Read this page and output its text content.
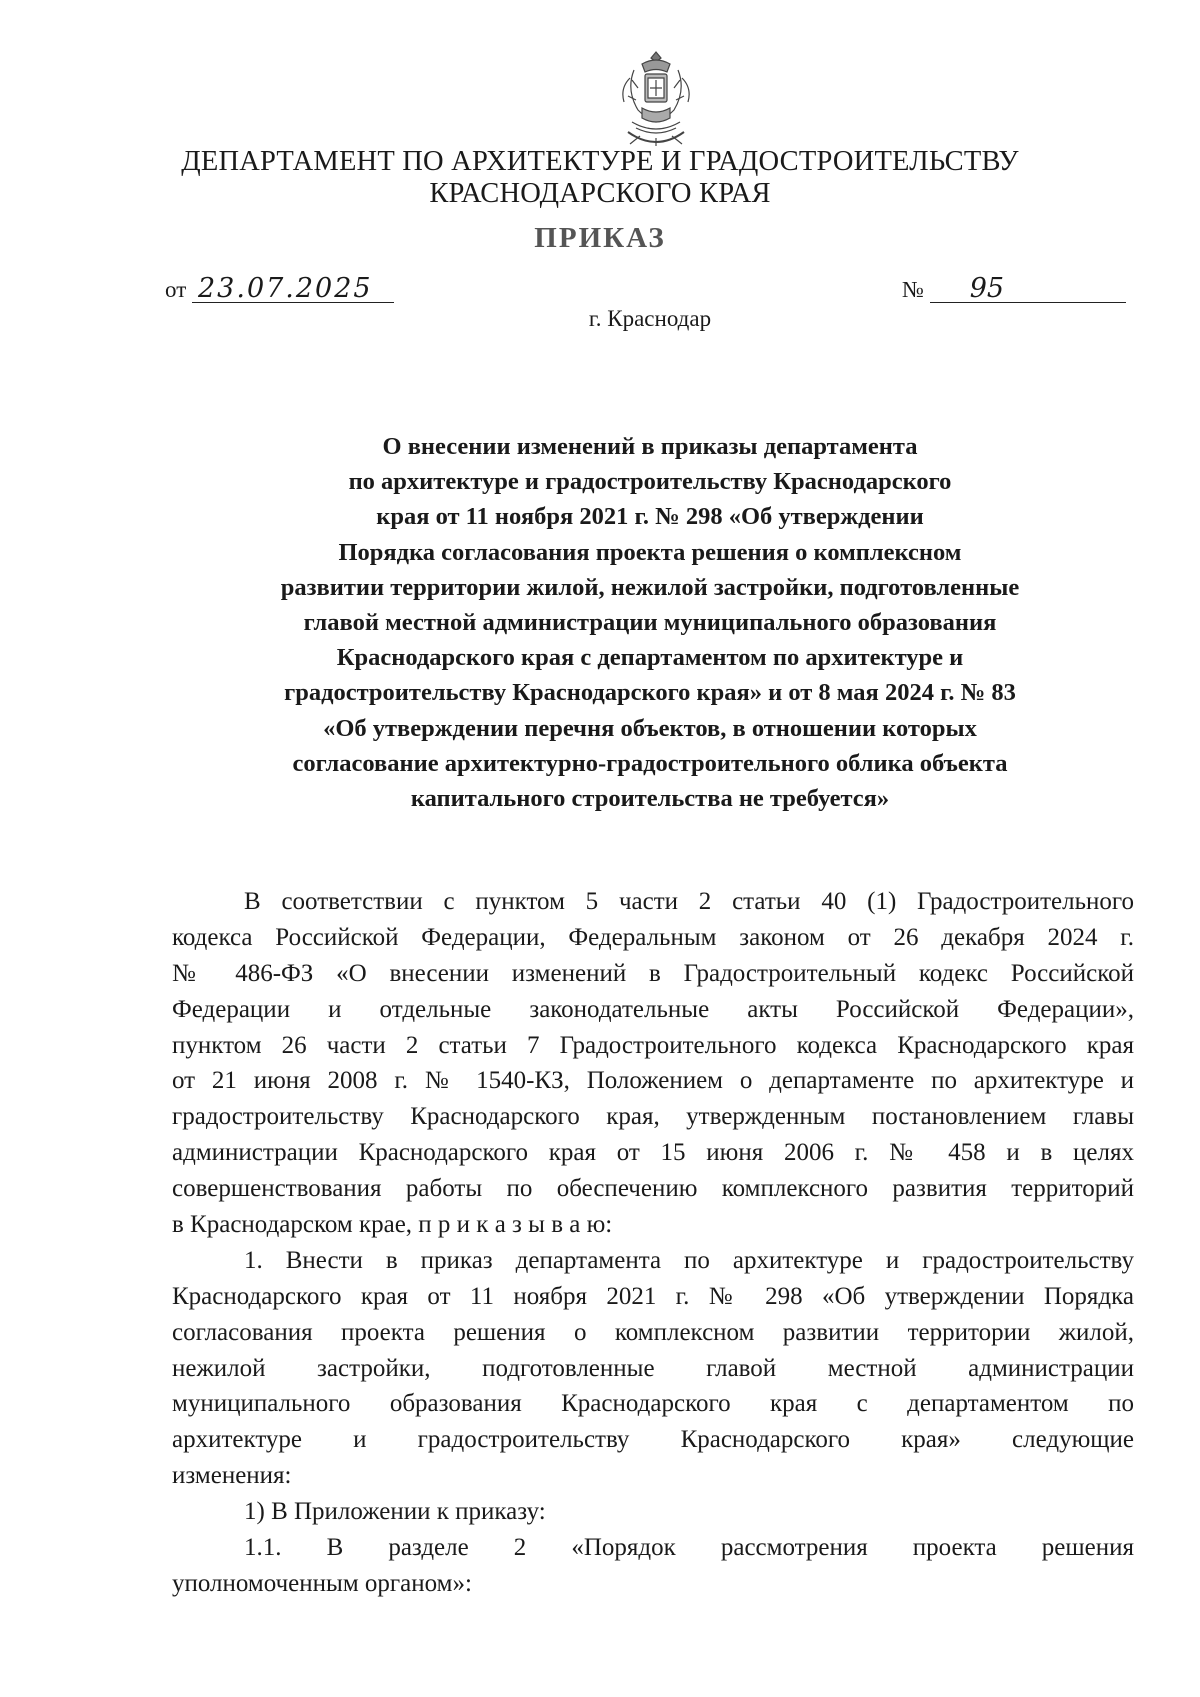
ДЕПАРТАМЕНТ ПО АРХИТЕКТУРЕ И ГРАДОСТРОИТЕЛЬСТВУ
КРАСНОДАРСКОГО КРАЯ
ПРИКАЗ
от 23.07.2025	№ 95
г. Краснодар
О внесении изменений в приказы департамента
по архитектуре и градостроительству Краснодарского
края от 11 ноября 2021 г. № 298 «Об утверждении
Порядка согласования проекта решения о комплексном
развитии территории жилой, нежилой застройки, подготовленные
главой местной администрации муниципального образования
Краснодарского края с департаментом по архитектуре и
градостроительству Краснодарского края» и от 8 мая 2024 г. № 83
«Об утверждении перечня объектов, в отношении которых
согласование архитектурно-градостроительного облика объекта
капитального строительства не требуется»
В соответствии с пунктом 5 части 2 статьи 40 (1) Градостроительного
кодекса Российской Федерации, Федеральным законом от 26 декабря 2024 г.
№ 486-ФЗ «О внесении изменений в Градостроительный кодекс Российской
Федерации и отдельные законодательные акты Российской Федерации»,
пунктом 26 части 2 статьи 7 Градостроительного кодекса Краснодарского края
от 21 июня 2008 г. № 1540-КЗ, Положением о департаменте по архитектуре и
градостроительству Краснодарского края, утвержденным постановлением главы
администрации Краснодарского края от 15 июня 2006 г. № 458 и в целях
совершенствования работы по обеспечению комплексного развития территорий
в Краснодарском крае, п р и к а з ы в а ю:
1. Внести в приказ департамента по архитектуре и градостроительству
Краснодарского края от 11 ноября 2021 г. № 298 «Об утверждении Порядка
согласования проекта решения о комплексном развитии территории жилой,
нежилой застройки, подготовленные главой местной администрации
муниципального образования Краснодарского края с департаментом по
архитектуре и градостроительству Краснодарского края» следующие
изменения:
1) В Приложении к приказу:
1.1. В разделе 2 «Порядок рассмотрения проекта решения
уполномоченным органом»:
